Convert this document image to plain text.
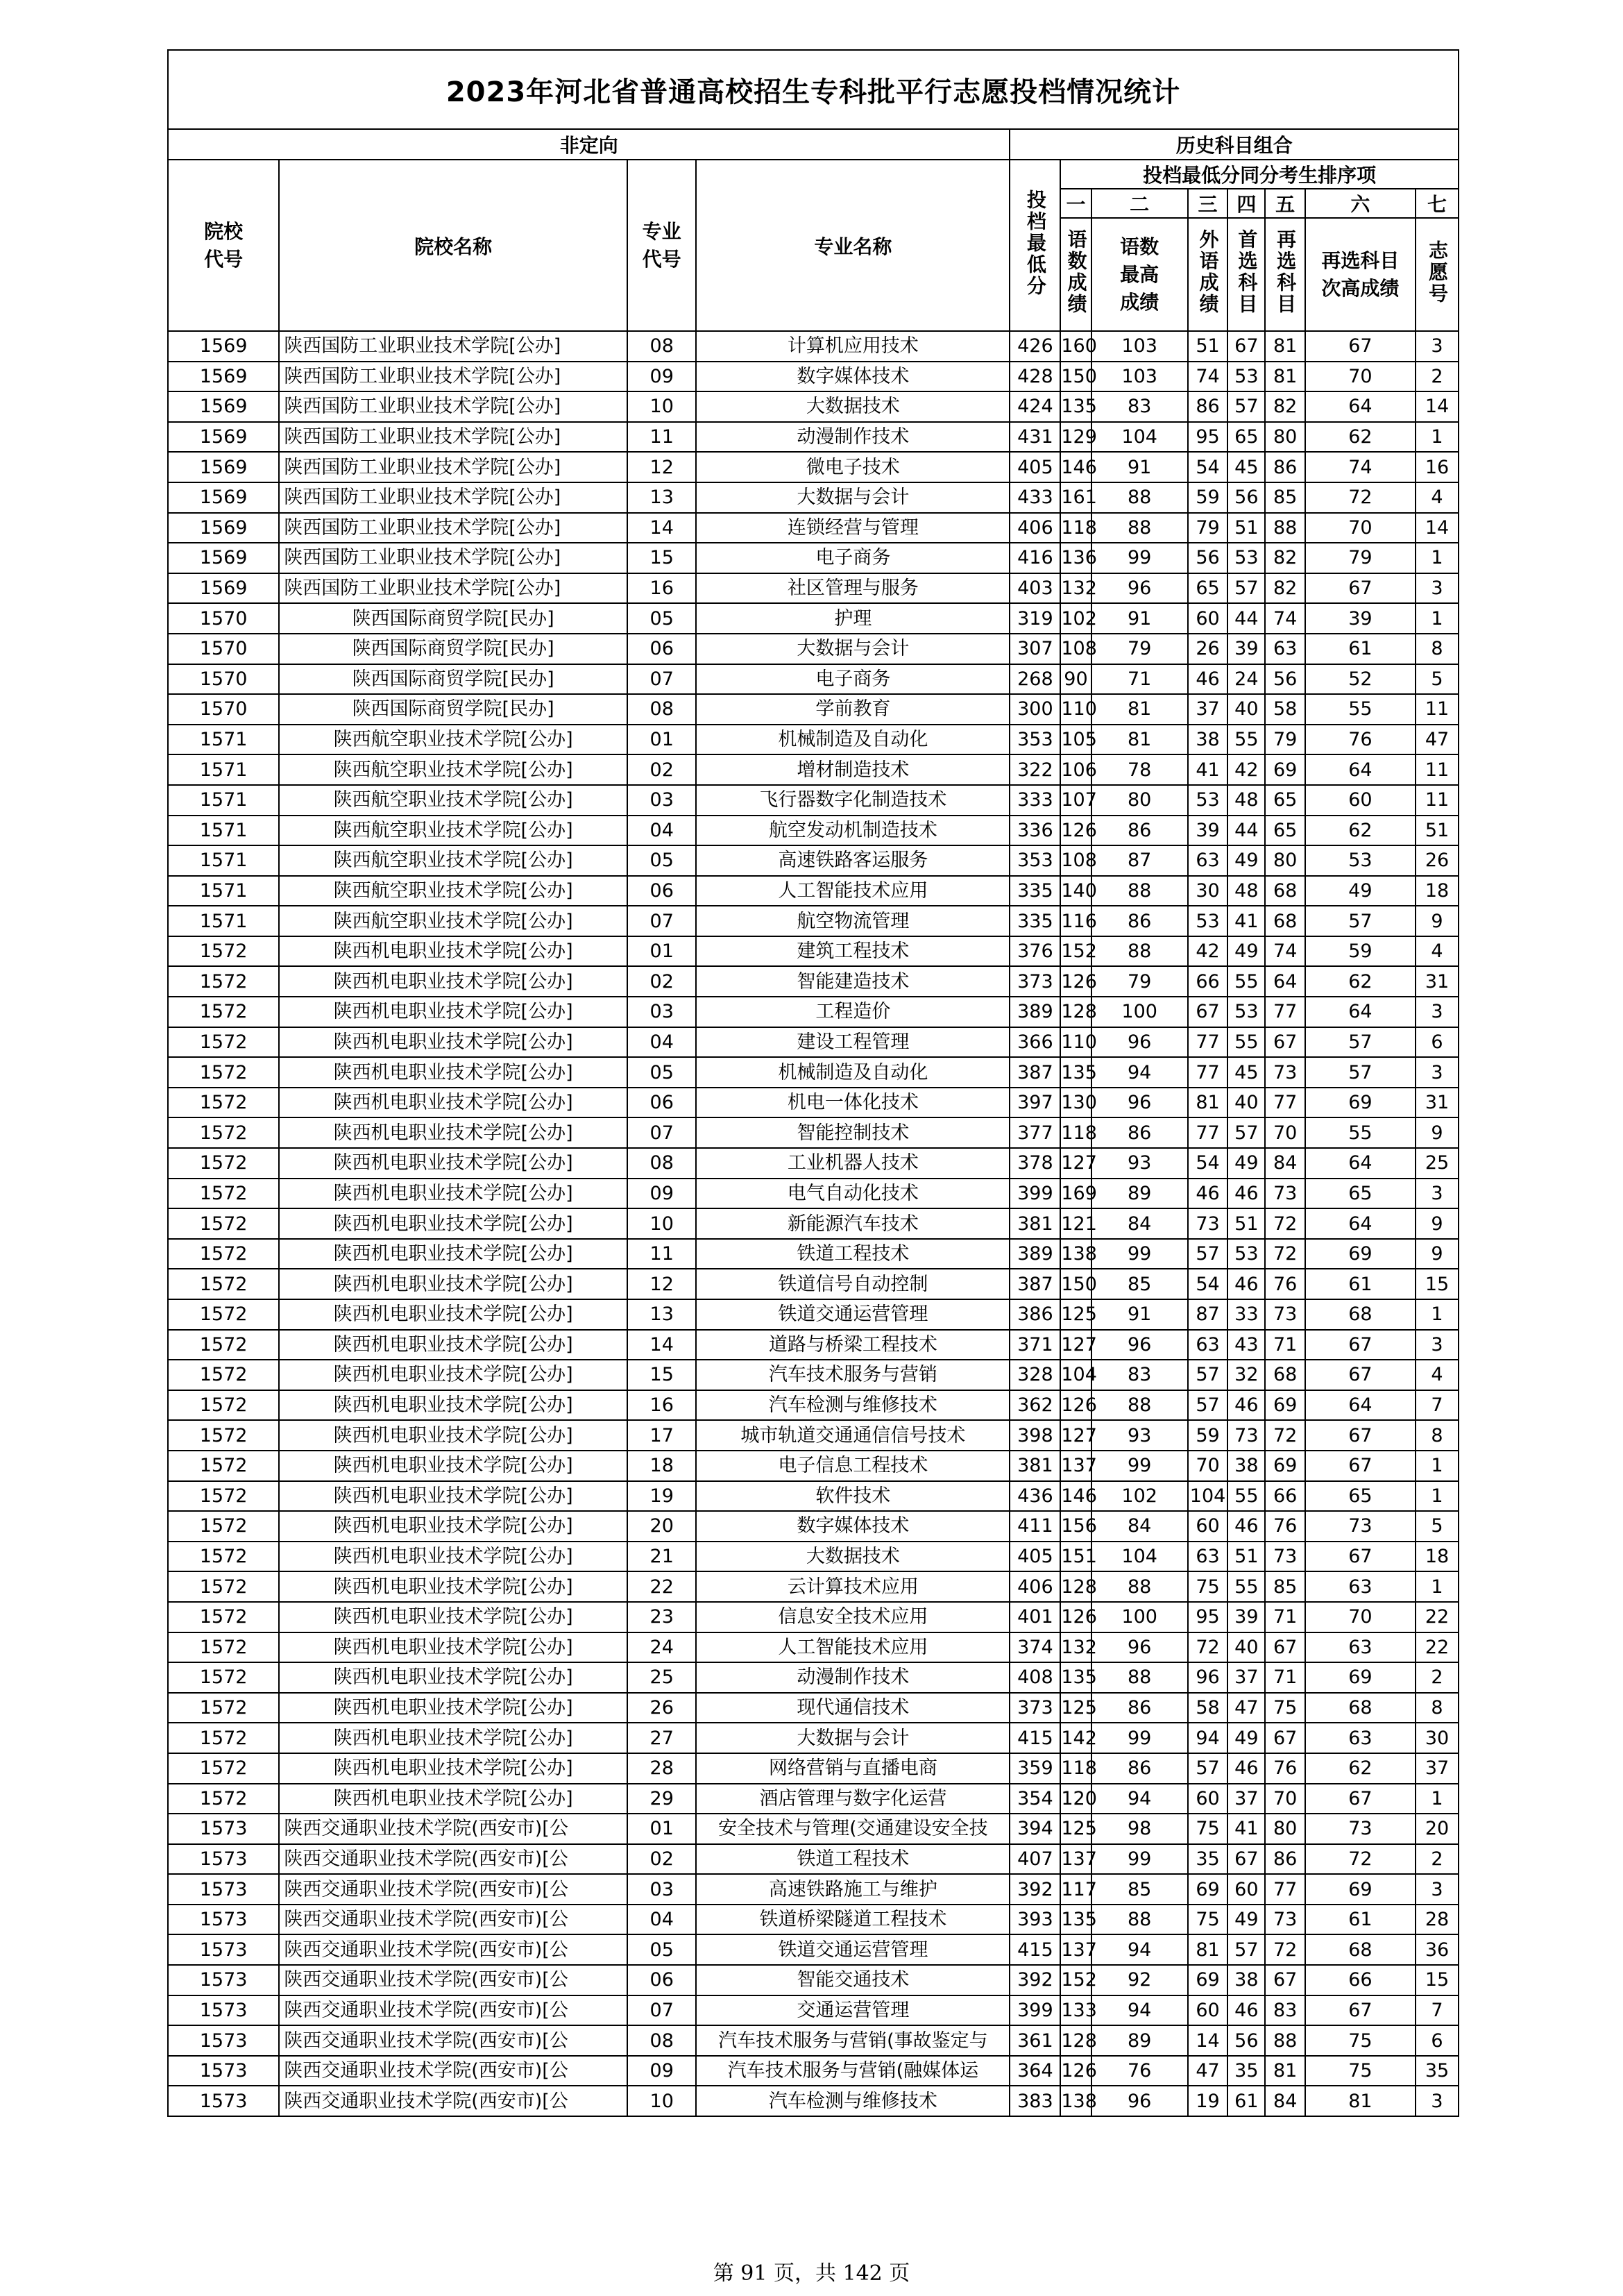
2023年河北省普通高校招生专科批平行志愿投档情况统计											
非定向				历史科目组合							
院校代号	院校名称	专业代号	专业名称	投档最低分	投档最低分同分考生排序项						
					一	二	三	四	五	六	七
					语数成绩	语数最高成绩	外语成绩	首选科目	再选科目	再选科目次高成绩	志愿号
1569	陕西国防工业职业技术学院[公办]	08	计算机应用技术	426	160	103	51	67	81	67	3
1569	陕西国防工业职业技术学院[公办]	09	数字媒体技术	428	150	103	74	53	81	70	2
1569	陕西国防工业职业技术学院[公办]	10	大数据技术	424	135	83	86	57	82	64	14
1569	陕西国防工业职业技术学院[公办]	11	动漫制作技术	431	129	104	95	65	80	62	1
1569	陕西国防工业职业技术学院[公办]	12	微电子技术	405	146	91	54	45	86	74	16
1569	陕西国防工业职业技术学院[公办]	13	大数据与会计	433	161	88	59	56	85	72	4
1569	陕西国防工业职业技术学院[公办]	14	连锁经营与管理	406	118	88	79	51	88	70	14
1569	陕西国防工业职业技术学院[公办]	15	电子商务	416	136	99	56	53	82	79	1
1569	陕西国防工业职业技术学院[公办]	16	社区管理与服务	403	132	96	65	57	82	67	3
1570	陕西国际商贸学院[民办]	05	护理	319	102	91	60	44	74	39	1
1570	陕西国际商贸学院[民办]	06	大数据与会计	307	108	79	26	39	63	61	8
1570	陕西国际商贸学院[民办]	07	电子商务	268	90	71	46	24	56	52	5
1570	陕西国际商贸学院[民办]	08	学前教育	300	110	81	37	40	58	55	11
1571	陕西航空职业技术学院[公办]	01	机械制造及自动化	353	105	81	38	55	79	76	47
1571	陕西航空职业技术学院[公办]	02	增材制造技术	322	106	78	41	42	69	64	11
1571	陕西航空职业技术学院[公办]	03	飞行器数字化制造技术	333	107	80	53	48	65	60	11
1571	陕西航空职业技术学院[公办]	04	航空发动机制造技术	336	126	86	39	44	65	62	51
1571	陕西航空职业技术学院[公办]	05	高速铁路客运服务	353	108	87	63	49	80	53	26
1571	陕西航空职业技术学院[公办]	06	人工智能技术应用	335	140	88	30	48	68	49	18
1571	陕西航空职业技术学院[公办]	07	航空物流管理	335	116	86	53	41	68	57	9
1572	陕西机电职业技术学院[公办]	01	建筑工程技术	376	152	88	42	49	74	59	4
1572	陕西机电职业技术学院[公办]	02	智能建造技术	373	126	79	66	55	64	62	31
1572	陕西机电职业技术学院[公办]	03	工程造价	389	128	100	67	53	77	64	3
1572	陕西机电职业技术学院[公办]	04	建设工程管理	366	110	96	77	55	67	57	6
1572	陕西机电职业技术学院[公办]	05	机械制造及自动化	387	135	94	77	45	73	57	3
1572	陕西机电职业技术学院[公办]	06	机电一体化技术	397	130	96	81	40	77	69	31
1572	陕西机电职业技术学院[公办]	07	智能控制技术	377	118	86	77	57	70	55	9
1572	陕西机电职业技术学院[公办]	08	工业机器人技术	378	127	93	54	49	84	64	25
1572	陕西机电职业技术学院[公办]	09	电气自动化技术	399	169	89	46	46	73	65	3
1572	陕西机电职业技术学院[公办]	10	新能源汽车技术	381	121	84	73	51	72	64	9
1572	陕西机电职业技术学院[公办]	11	铁道工程技术	389	138	99	57	53	72	69	9
1572	陕西机电职业技术学院[公办]	12	铁道信号自动控制	387	150	85	54	46	76	61	15
1572	陕西机电职业技术学院[公办]	13	铁道交通运营管理	386	125	91	87	33	73	68	1
1572	陕西机电职业技术学院[公办]	14	道路与桥梁工程技术	371	127	96	63	43	71	67	3
1572	陕西机电职业技术学院[公办]	15	汽车技术服务与营销	328	104	83	57	32	68	67	4
1572	陕西机电职业技术学院[公办]	16	汽车检测与维修技术	362	126	88	57	46	69	64	7
1572	陕西机电职业技术学院[公办]	17	城市轨道交通通信信号技术	398	127	93	59	73	72	67	8
1572	陕西机电职业技术学院[公办]	18	电子信息工程技术	381	137	99	70	38	69	67	1
1572	陕西机电职业技术学院[公办]	19	软件技术	436	146	102	104	55	66	65	1
1572	陕西机电职业技术学院[公办]	20	数字媒体技术	411	156	84	60	46	76	73	5
1572	陕西机电职业技术学院[公办]	21	大数据技术	405	151	104	63	51	73	67	18
1572	陕西机电职业技术学院[公办]	22	云计算技术应用	406	128	88	75	55	85	63	1
1572	陕西机电职业技术学院[公办]	23	信息安全技术应用	401	126	100	95	39	71	70	22
1572	陕西机电职业技术学院[公办]	24	人工智能技术应用	374	132	96	72	40	67	63	22
1572	陕西机电职业技术学院[公办]	25	动漫制作技术	408	135	88	96	37	71	69	2
1572	陕西机电职业技术学院[公办]	26	现代通信技术	373	125	86	58	47	75	68	8
1572	陕西机电职业技术学院[公办]	27	大数据与会计	415	142	99	94	49	67	63	30
1572	陕西机电职业技术学院[公办]	28	网络营销与直播电商	359	118	86	57	46	76	62	37
1572	陕西机电职业技术学院[公办]	29	酒店管理与数字化运营	354	120	94	60	37	70	67	1
1573	陕西交通职业技术学院(西安市)[公	01	安全技术与管理(交通建设安全技	394	125	98	75	41	80	73	20
1573	陕西交通职业技术学院(西安市)[公	02	铁道工程技术	407	137	99	35	67	86	72	2
1573	陕西交通职业技术学院(西安市)[公	03	高速铁路施工与维护	392	117	85	69	60	77	69	3
1573	陕西交通职业技术学院(西安市)[公	04	铁道桥梁隧道工程技术	393	135	88	75	49	73	61	28
1573	陕西交通职业技术学院(西安市)[公	05	铁道交通运营管理	415	137	94	81	57	72	68	36
1573	陕西交通职业技术学院(西安市)[公	06	智能交通技术	392	152	92	69	38	67	66	15
1573	陕西交通职业技术学院(西安市)[公	07	交通运营管理	399	133	94	60	46	83	67	7
1573	陕西交通职业技术学院(西安市)[公	08	汽车技术服务与营销(事故鉴定与	361	128	89	14	56	88	75	6
1573	陕西交通职业技术学院(西安市)[公	09	汽车技术服务与营销(融媒体运	364	126	76	47	35	81	75	35
1573	陕西交通职业技术学院(西安市)[公	10	汽车检测与维修技术	383	138	96	19	61	84	81	3
第 91 页，共 142 页
